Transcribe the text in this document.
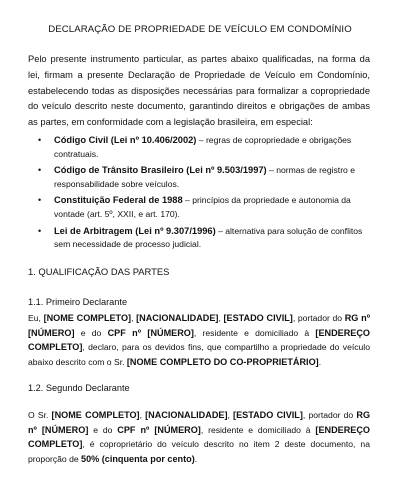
DECLARAÇÃO DE PROPRIEDADE DE VEÍCULO EM CONDOMÍNIO

Pelo presente instrumento particular, as partes abaixo qualificadas, na forma da lei, firmam a presente Declaração de Propriedade de Veículo em Condomínio, estabelecendo todas as disposições necessárias para formalizar a copropriedade do veículo descrito neste documento, garantindo direitos e obrigações de ambas as partes, em conformidade com a legislação brasileira, em especial:

• Código Civil (Lei nº 10.406/2002) – regras de copropriedade e obrigações contratuais.
• Código de Trânsito Brasileiro (Lei nº 9.503/1997) – normas de registro e responsabilidade sobre veículos.
• Constituição Federal de 1988 – princípios da propriedade e autonomia da vontade (art. 5º, XXII, e art. 170).
• Lei de Arbitragem (Lei nº 9.307/1996) – alternativa para solução de conflitos sem necessidade de processo judicial.
1. QUALIFICAÇÃO DAS PARTES
1.1. Primeiro Declarante

Eu, [NOME COMPLETO], [NACIONALIDADE], [ESTADO CIVIL], portador do RG nº [NÚMERO] e do CPF nº [NÚMERO], residente e domiciliado à [ENDEREÇO COMPLETO], declaro, para os devidos fins, que compartilho a propriedade do veículo abaixo descrito com o Sr. [NOME COMPLETO DO CO-PROPRIETÁRIO].

1.2. Segundo Declarante

O Sr. [NOME COMPLETO], [NACIONALIDADE], [ESTADO CIVIL], portador do RG nº [NÚMERO] e do CPF nº [NÚMERO], residente e domiciliado à [ENDEREÇO COMPLETO], é coproprietário do veículo descrito no item 2 deste documento, na proporção de 50% (cinquenta por cento).
